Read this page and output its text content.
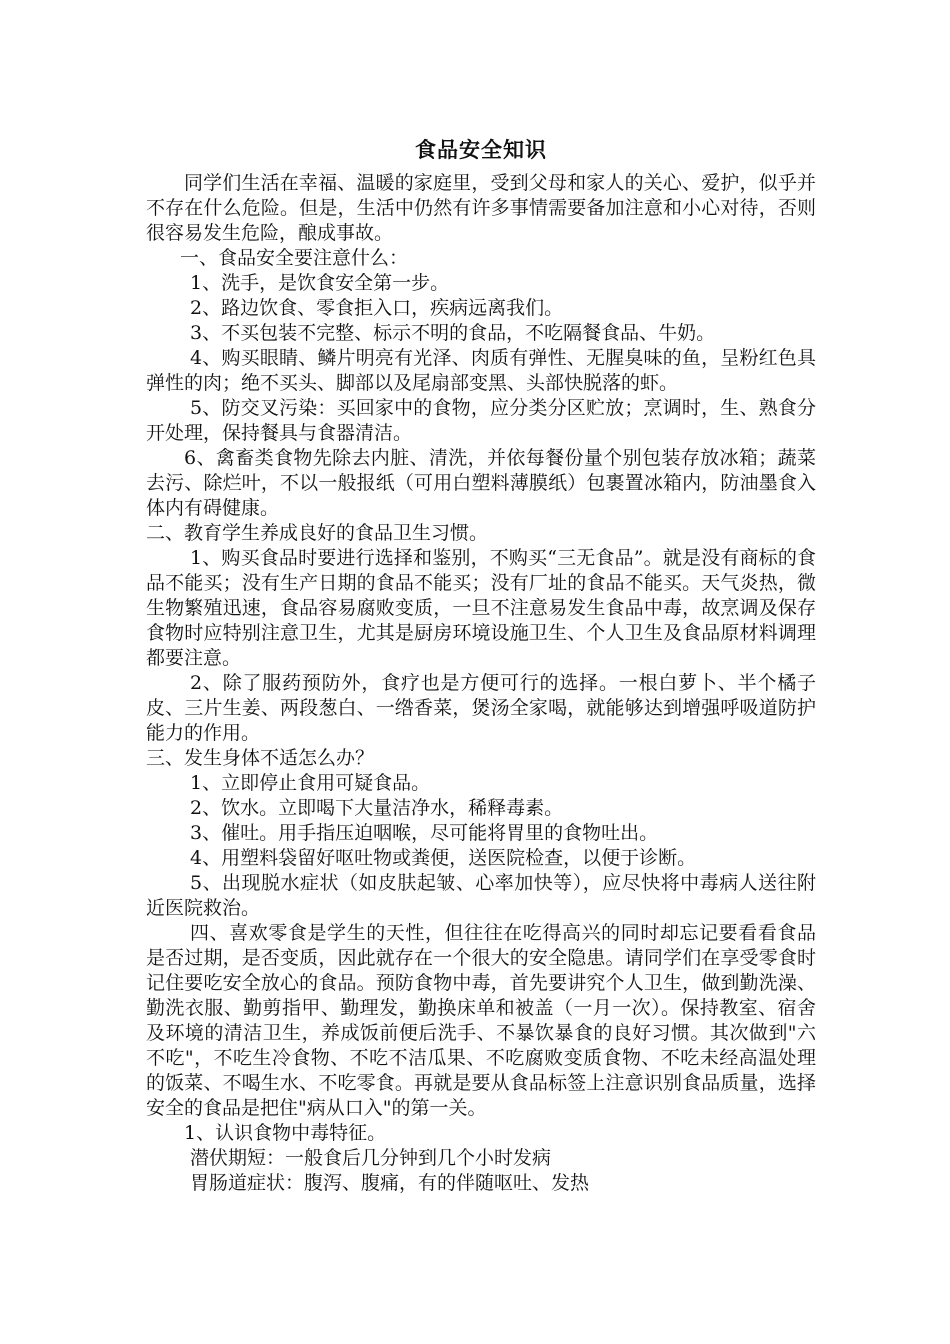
食品安全知识

同学们生活在幸福、温暖的家庭里，受到父母和家人的关心、爱护，似乎并不存在什么危险。但是，生活中仍然有许多事情需要备加注意和小心对待，否则很容易发生危险，酿成事故。

一、食品安全要注意什么：

1、洗手，是饮食安全第一步。

2、路边饮食、零食拒入口，疾病远离我们。

3、不买包装不完整、标示不明的食品，不吃隔餐食品、牛奶。

4、购买眼睛、鳞片明亮有光泽、肉质有弹性、无腥臭味的鱼，呈粉红色具弹性的肉；绝不买头、脚部以及尾扇部变黑、头部快脱落的虾。

5、防交叉污染：买回家中的食物，应分类分区贮放；烹调时，生、熟食分开处理，保持餐具与食器清洁。

6、禽畜类食物先除去内脏、清洗，并依每餐份量个别包装存放冰箱；蔬菜去污、除烂叶，不以一般报纸（可用白塑料薄膜纸）包裹置冰箱内，防油墨食入体内有碍健康。

二、教育学生养成良好的食品卫生习惯。

1、购买食品时要进行选择和鉴别，不购买“三无食品”。就是没有商标的食品不能买；没有生产日期的食品不能买；没有厂址的食品不能买。天气炎热，微生物繁殖迅速，食品容易腐败变质，一旦不注意易发生食品中毒，故烹调及保存食物时应特别注意卫生，尤其是厨房环境设施卫生、个人卫生及食品原材料调理都要注意。

2、除了服药预防外，食疗也是方便可行的选择。一根白萝卜、半个橘子皮、三片生姜、两段葱白、一绺香菜，煲汤全家喝，就能够达到增强呼吸道防护能力的作用。

三、发生身体不适怎么办？

1、立即停止食用可疑食品。

2、饮水。立即喝下大量洁净水，稀释毒素。

3、催吐。用手指压迫咽喉，尽可能将胃里的食物吐出。

4、用塑料袋留好呕吐物或粪便，送医院检查，以便于诊断。

5、出现脱水症状（如皮肤起皱、心率加快等），应尽快将中毒病人送往附近医院救治。

四、喜欢零食是学生的天性，但往往在吃得高兴的同时却忘记要看看食品是否过期，是否变质，因此就存在一个很大的安全隐患。请同学们在享受零食时记住要吃安全放心的食品。预防食物中毒，首先要讲究个人卫生，做到勤洗澡、勤洗衣服、勤剪指甲、勤理发，勤换床单和被盖（一月一次）。保持教室、宿舍及环境的清洁卫生，养成饭前便后洗手、不暴饮暴食的良好习惯。其次做到"六不吃"，不吃生冷食物、不吃不洁瓜果、不吃腐败变质食物、不吃未经高温处理的饭菜、不喝生水、不吃零食。再就是要从食品标签上注意识别食品质量，选择安全的食品是把住"病从口入"的第一关。

1、认识食物中毒特征。

潜伏期短：一般食后几分钟到几个小时发病

胃肠道症状：腹泻、腹痛，有的伴随呕吐、发热
